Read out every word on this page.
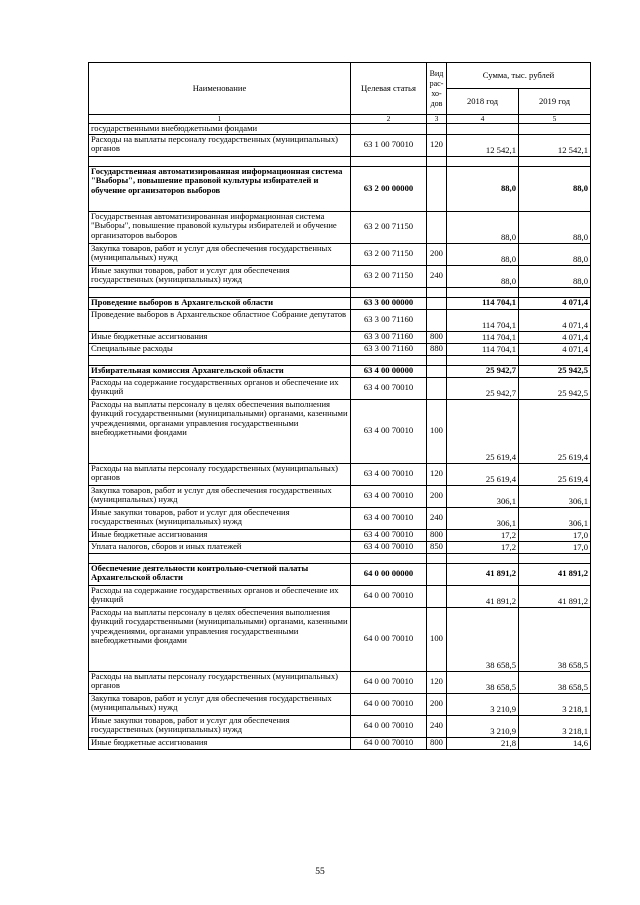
Наименование	Целевая статья	Вид рас-хо-дов	Сумма, тыс. рублей	
			2018 год	2019 год
1	2	3	4	5
государственными внебюджетными фондами				
Расходы на выплаты персоналу государственных (муниципальных) органов	63 1 00 70010	120	12 542,1	12 542,1

Государственная автоматизированная информационная система "Выборы", повышение правовой культуры избирателей и обучение организаторов выборов	63 2 00 00000		88,0	88,0
Государственная автоматизированная информационная система "Выборы", повышение правовой культуры избирателей и обучение организаторов выборов	63 2 00 71150		88,0	88,0
Закупка товаров, работ и услуг для обеспечения государственных (муниципальных) нужд	63 2 00 71150	200	88,0	88,0
Иные закупки товаров, работ и услуг для обеспечения государственных (муниципальных) нужд	63 2 00 71150	240	88,0	88,0

Проведение выборов в Архангельской области	63 3 00 00000		114 704,1	4 071,4
Проведение выборов в Архангельское областное Собрание депутатов	63 3 00 71160		114 704,1	4 071,4
Иные бюджетные ассигнования	63 3 00 71160	800	114 704,1	4 071,4
Специальные расходы	63 3 00 71160	880	114 704,1	4 071,4

Избирательная комиссия Архангельской области	63 4 00 00000		25 942,7	25 942,5
Расходы на содержание государственных органов и обеспечение их функций	63 4 00 70010		25 942,7	25 942,5
Расходы на выплаты персоналу в целях обеспечения выполнения функций государственными (муниципальными) органами, казенными учреждениями, органами управления государственными внебюджетными фондами	63 4 00 70010	100	25 619,4	25 619,4
Расходы на выплаты персоналу государственных (муниципальных) органов	63 4 00 70010	120	25 619,4	25 619,4
Закупка товаров, работ и услуг для обеспечения государственных (муниципальных) нужд	63 4 00 70010	200	306,1	306,1
Иные закупки товаров, работ и услуг для обеспечения государственных (муниципальных) нужд	63 4 00 70010	240	306,1	306,1
Иные бюджетные ассигнования	63 4 00 70010	800	17,2	17,0
Уплата налогов, сборов и иных платежей	63 4 00 70010	850	17,2	17,0

Обеспечение деятельности контрольно-счетной палаты Архангельской области	64 0 00 00000		41 891,2	41 891,2
Расходы на содержание государственных органов и обеспечение их функций	64 0 00 70010		41 891,2	41 891,2
Расходы на выплаты персоналу в целях обеспечения выполнения функций государственными (муниципальными) органами, казенными учреждениями, органами управления государственными внебюджетными фондами	64 0 00 70010	100	38 658,5	38 658,5
Расходы на выплаты персоналу государственных (муниципальных) органов	64 0 00 70010	120	38 658,5	38 658,5
Закупка товаров, работ и услуг для обеспечения государственных (муниципальных) нужд	64 0 00 70010	200	3 210,9	3 218,1
Иные закупки товаров, работ и услуг для обеспечения государственных (муниципальных) нужд	64 0 00 70010	240	3 210,9	3 218,1
Иные бюджетные ассигнования	64 0 00 70010	800	21,8	14,6
55
